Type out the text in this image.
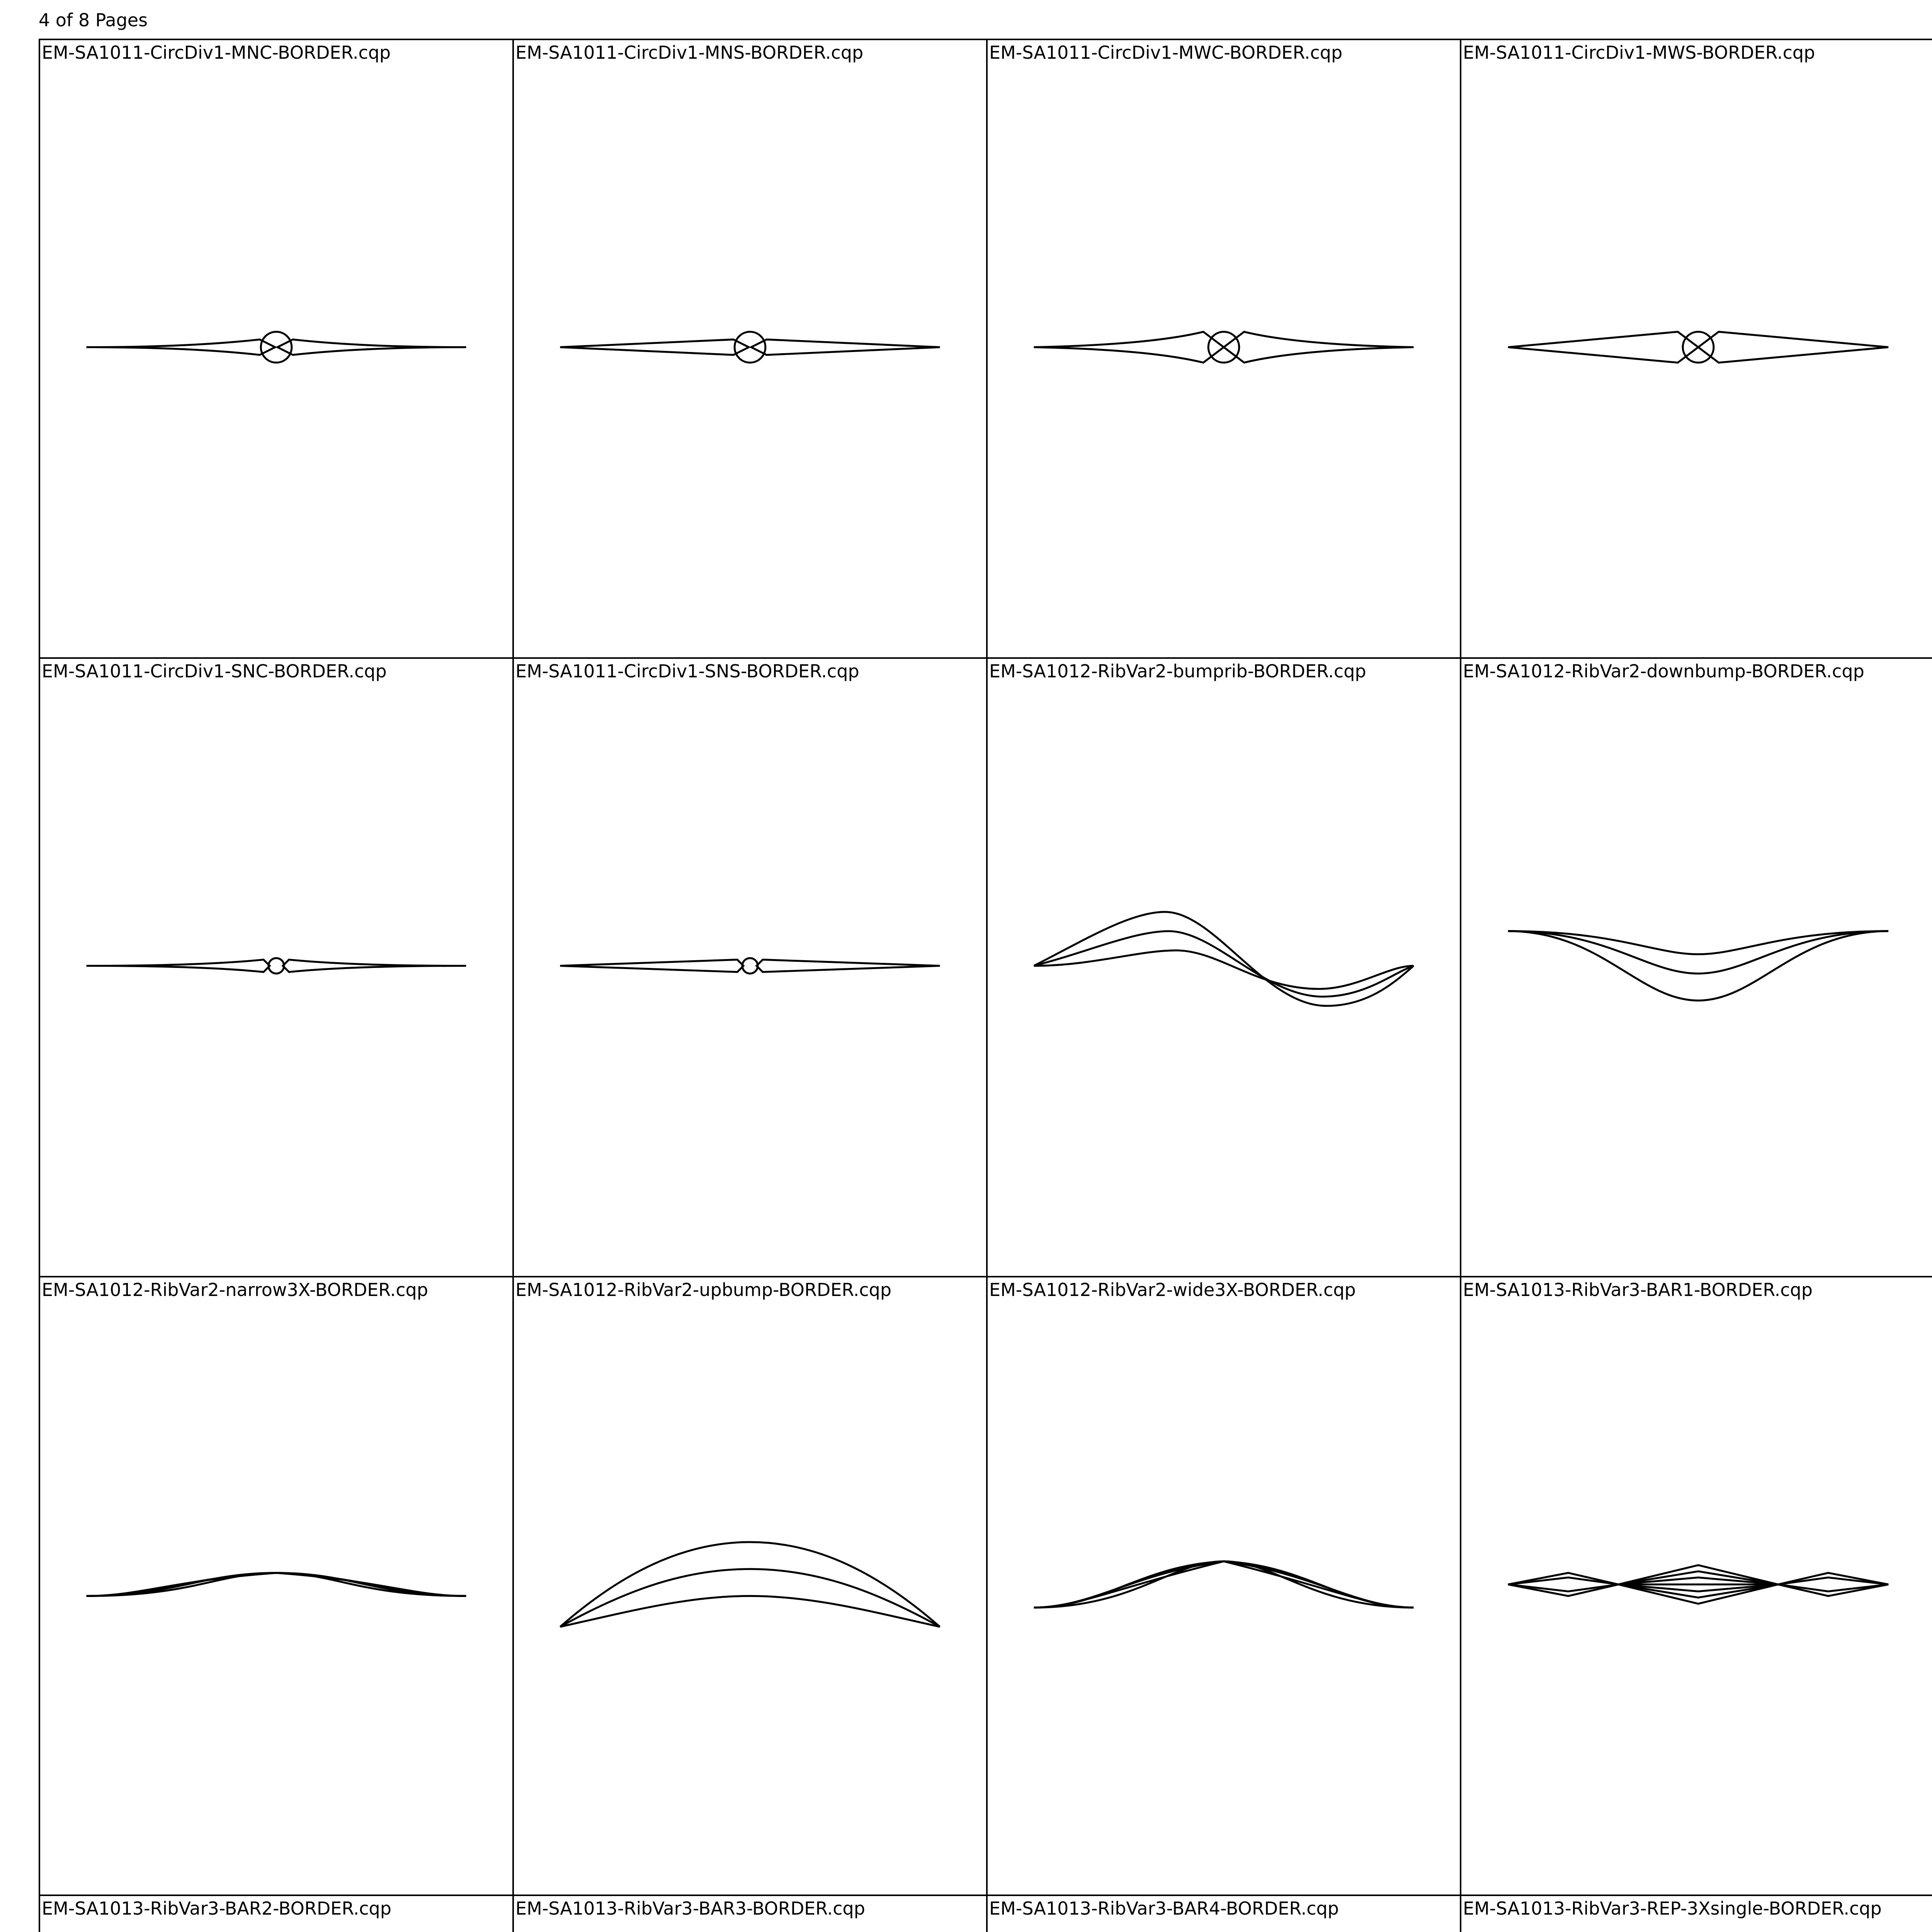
4 of 8 Pages
EM-SA1011-CircDiv1-MNC-BORDER.cqp	EM-SA1011-CircDiv1-MNS-BORDER.cqp	EM-SA1011-CircDiv1-MWC-BORDER.cqp	EM-SA1011-CircDiv1-MWS-BORDER.cqp
EM-SA1011-CircDiv1-SNC-BORDER.cqp	EM-SA1011-CircDiv1-SNS-BORDER.cqp	EM-SA1012-RibVar2-bumprib-BORDER.cqp	EM-SA1012-RibVar2-downbump-BORDER.cqp
EM-SA1012-RibVar2-narrow3X-BORDER.cqp	EM-SA1012-RibVar2-upbump-BORDER.cqp	EM-SA1012-RibVar2-wide3X-BORDER.cqp	EM-SA1013-RibVar3-BAR1-BORDER.cqp
EM-SA1013-RibVar3-BAR2-BORDER.cqp	EM-SA1013-RibVar3-BAR3-BORDER.cqp	EM-SA1013-RibVar3-BAR4-BORDER.cqp	EM-SA1013-RibVar3-REP-3Xsingle-BORDER.cqp
